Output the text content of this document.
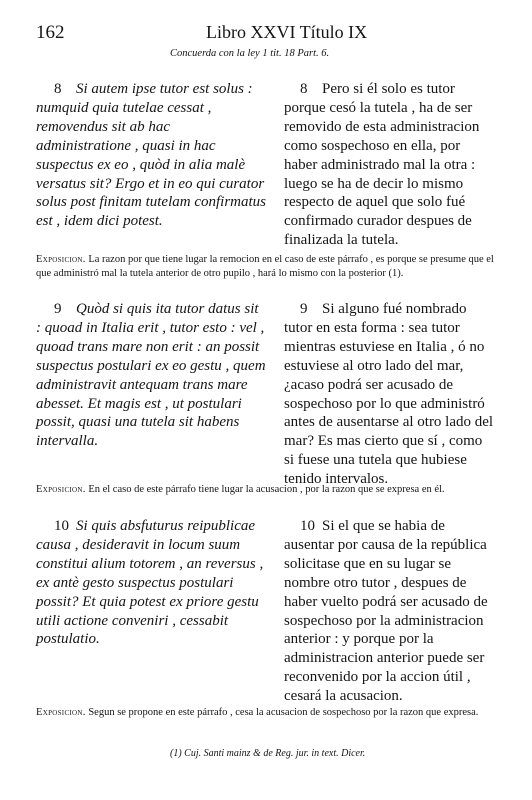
162	Libro XXVI Título IX
Concuerda con la ley 1 tit. 18 Part. 6.

8 Si autem ipse tutor est solus : numquid quia tutelae cessat , removendus sit ab hac administratione , quasi in hac suspectus ex eo , quòd in alia malè versatus sit? Ergo et in eo qui curator solus post finitam tutelam confirmatus est , idem dici potest.

8 Pero si él solo es tutor porque cesó la tutela , ha de ser removido de esta administracion como sospechoso en ella, por haber administrado mal la otra : luego se ha de decir lo mismo respecto de aquel que solo fué confirmado curador despues de finalizada la tutela.

Exposicion. La razon por que tiene lugar la remocion en el caso de este párrafo , es porque se presume que el que administró mal la tutela anterior de otro pupilo , hará lo mismo con la posterior (1).

9 Quòd si quis ita tutor datus sit : quoad in Italia erit , tutor esto : vel , quoad trans mare non erit : an possit suspectus postulari ex eo gestu , quem administravit antequam trans mare abesset. Et magis est , ut postulari possit, quasi una tutela sit habens intervalla.

9 Si alguno fué nombrado tutor en esta forma : sea tutor mientras estuviese en Italia , ó no estuviese al otro lado del mar, ¿acaso podrá ser acusado de sospechoso por lo que administró antes de ausentarse al otro lado del mar? Es mas cierto que sí , como si fuese una tutela que hubiese tenido intervalos.

Exposicion. En el caso de este párrafo tiene lugar la acusacion , por la razon que se expresa en él.

10 Si quis absfuturus reipublicae causa , desideravit in locum suum constitui alium totorem , an reversus , ex antè gesto suspectus postulari possit? Et quia potest ex priore gestu utili actione conveniri , cessabit postulatio.

10 Si el que se habia de ausentar por causa de la república solicitase que en su lugar se nombre otro tutor , despues de haber vuelto podrá ser acusado de sospechoso por la administracion anterior : y porque por la administracion anterior puede ser reconvenido por la accion útil , cesará la acusacion.

Exposicion. Segun se propone en este párrafo , cesa la acusacion de sospechoso por la razon que expresa.
(1) Cuj. Santi mainz & de Reg. jur. in text. Dicer.
